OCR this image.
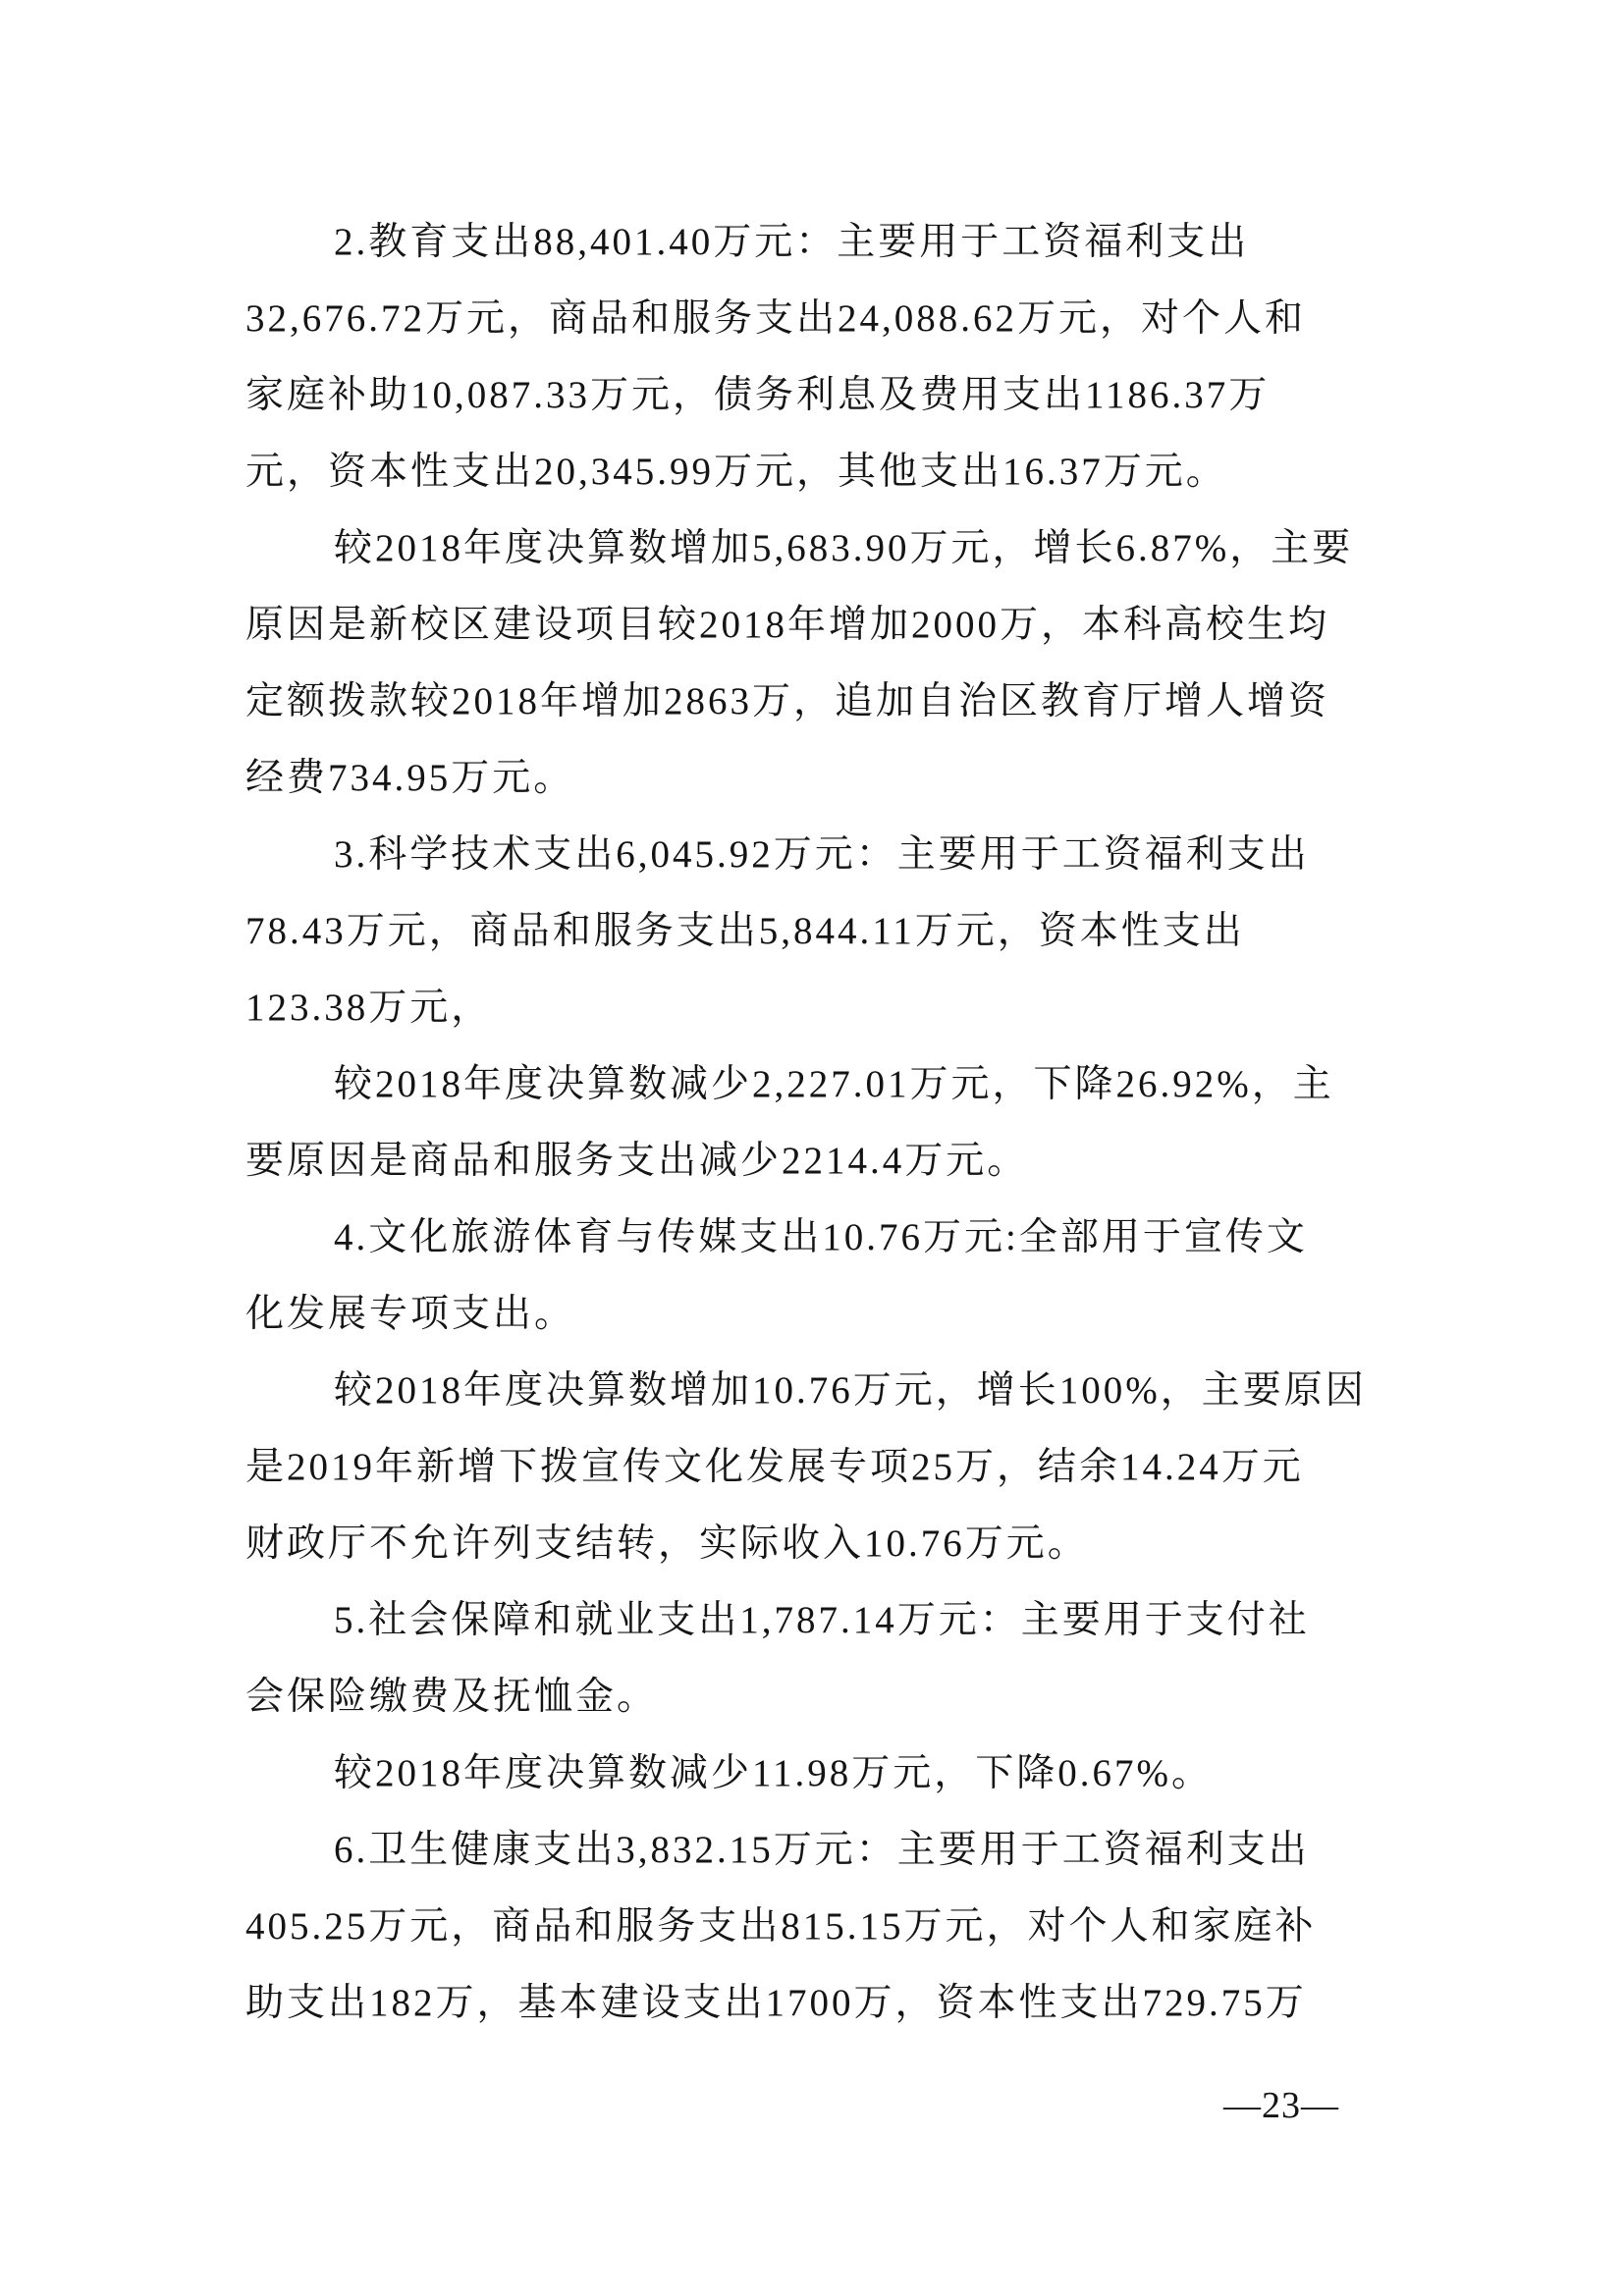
2.教育支出88,401.40万元：主要用于工资福利支出
32,676.72万元，商品和服务支出24,088.62万元，对个人和
家庭补助10,087.33万元，债务利息及费用支出1186.37万
元，资本性支出20,345.99万元，其他支出16.37万元。
较2018年度决算数增加5,683.90万元，增长6.87%，主要
原因是新校区建设项目较2018年增加2000万，本科高校生均
定额拨款较2018年增加2863万，追加自治区教育厅增人增资
经费734.95万元。
3.科学技术支出6,045.92万元：主要用于工资福利支出
78.43万元，商品和服务支出5,844.11万元，资本性支出
123.38万元，
较2018年度决算数减少2,227.01万元，下降26.92%，主
要原因是商品和服务支出减少2214.4万元。
4.文化旅游体育与传媒支出10.76万元:全部用于宣传文
化发展专项支出。
较2018年度决算数增加10.76万元，增长100%，主要原因
是2019年新增下拨宣传文化发展专项25万，结余14.24万元
财政厅不允许列支结转，实际收入10.76万元。
5.社会保障和就业支出1,787.14万元：主要用于支付社
会保险缴费及抚恤金。
较2018年度决算数减少11.98万元，下降0.67%。
6.卫生健康支出3,832.15万元：主要用于工资福利支出
405.25万元，商品和服务支出815.15万元，对个人和家庭补
助支出182万，基本建设支出1700万，资本性支出729.75万
—23—
